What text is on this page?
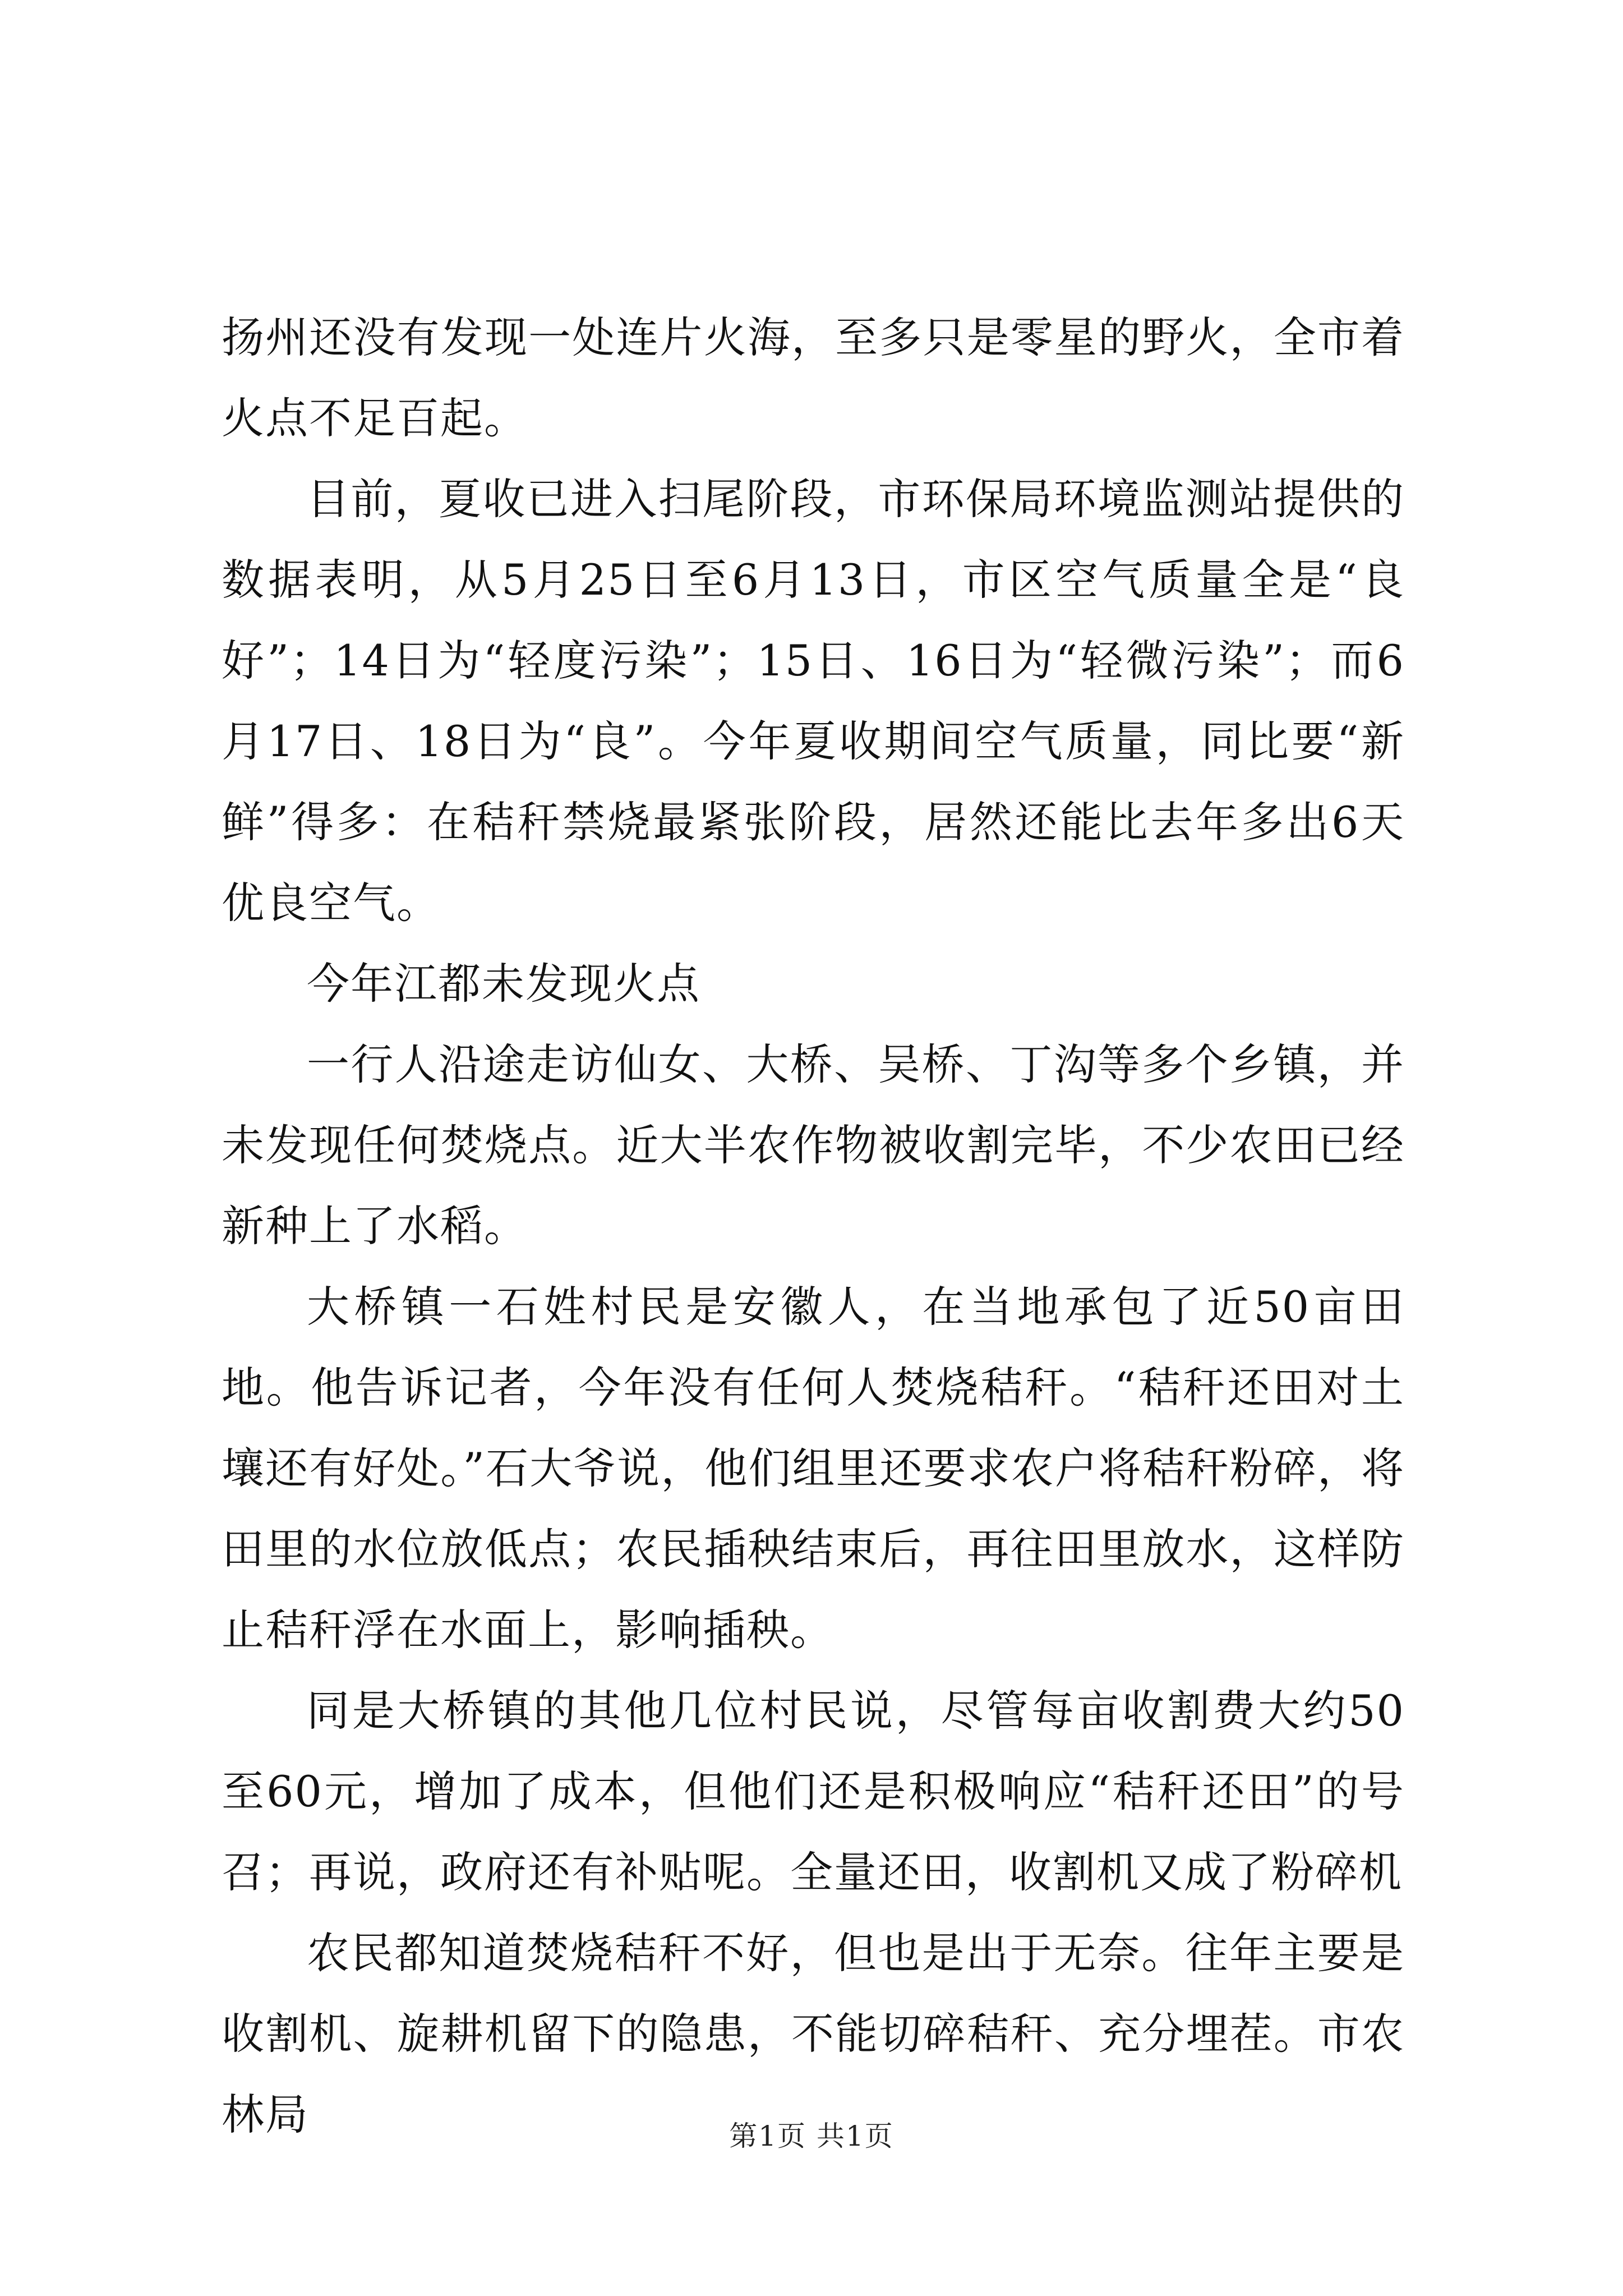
扬州还没有发现一处连片火海，至多只是零星的野火，全市着火点不足百起。

目前，夏收已进入扫尾阶段，市环保局环境监测站提供的数据表明，从5月25日至6月13日，市区空气质量全是“良好”；14日为“轻度污染”；15日、16日为“轻微污染”；而6月17日、18日为“良”。今年夏收期间空气质量，同比要“新鲜”得多：在秸秆禁烧最紧张阶段，居然还能比去年多出6天优良空气。

今年江都未发现火点

一行人沿途走访仙女、大桥、吴桥、丁沟等多个乡镇，并未发现任何焚烧点。近大半农作物被收割完毕，不少农田已经新种上了水稻。

大桥镇一石姓村民是安徽人，在当地承包了近50亩田地。他告诉记者，今年没有任何人焚烧秸秆。“秸秆还田对土壤还有好处。”石大爷说，他们组里还要求农户将秸秆粉碎，将田里的水位放低点；农民插秧结束后，再往田里放水，这样防止秸秆浮在水面上，影响插秧。

同是大桥镇的其他几位村民说，尽管每亩收割费大约50至60元，增加了成本，但他们还是积极响应“秸秆还田”的号召；再说，政府还有补贴呢。全量还田，收割机又成了粉碎机

农民都知道焚烧秸秆不好，但也是出于无奈。往年主要是收割机、旋耕机留下的隐患，不能切碎秸秆、充分埋茬。市农林局	第1页 共1页
